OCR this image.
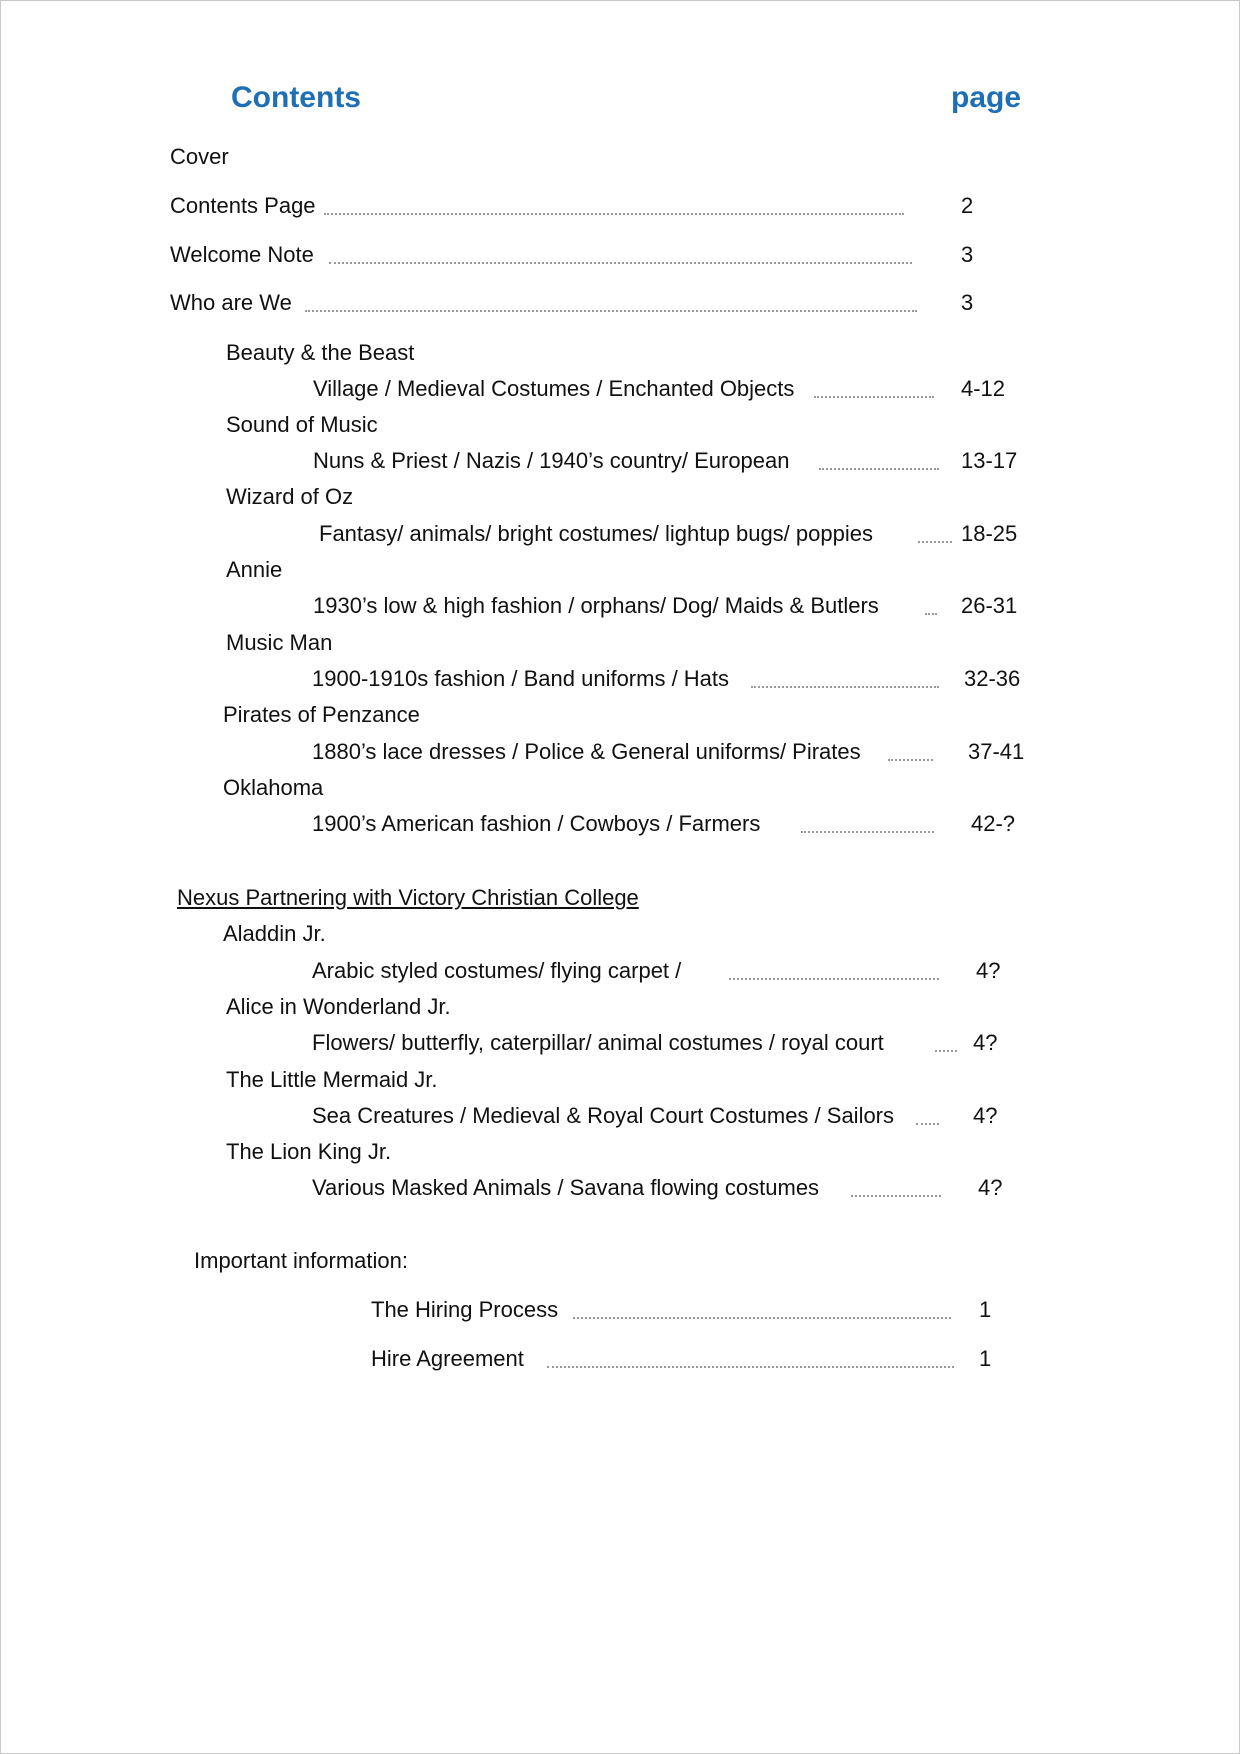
Contents	page
Cover
Contents Page	2
Welcome Note	3
Who are We	3
Beauty & the Beast
Village / Medieval Costumes / Enchanted Objects	4-12
Sound of Music
Nuns & Priest / Nazis / 1940’s country/ European	13-17
Wizard of Oz
Fantasy/ animals/ bright costumes/ lightup bugs/ poppies	18-25
Annie
1930’s low & high fashion / orphans/ Dog/ Maids & Butlers	26-31
Music Man
1900-1910s fashion / Band uniforms / Hats	32-36
Pirates of Penzance
1880’s lace dresses / Police & General uniforms/ Pirates	37-41
Oklahoma
1900’s American fashion / Cowboys / Farmers	42-?
Nexus Partnering with Victory Christian College
Aladdin Jr.
Arabic styled costumes/ flying carpet /	4?
Alice in Wonderland Jr.
Flowers/ butterfly, caterpillar/ animal costumes / royal court	4?
The Little Mermaid Jr.
Sea Creatures / Medieval & Royal Court Costumes / Sailors	4?
The Lion King Jr.
Various Masked Animals / Savana flowing costumes	4?
Important information:
The Hiring Process	1
Hire Agreement	1
